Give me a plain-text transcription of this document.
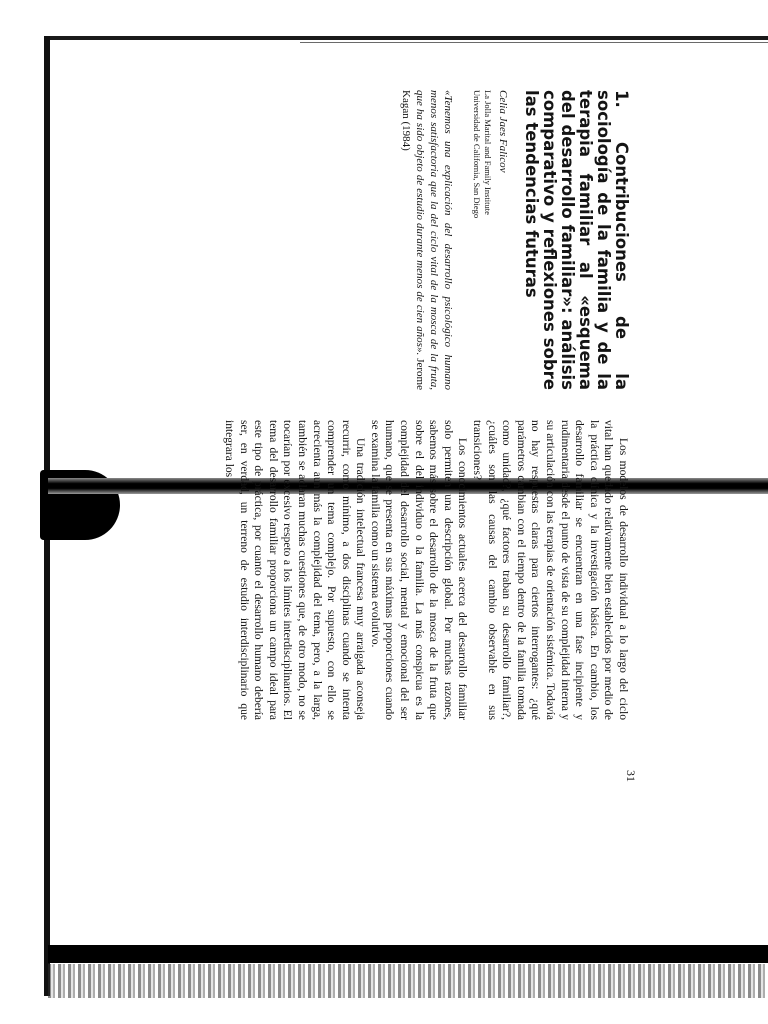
1. Contribuciones de la sociología de la familia y de la terapia familiar al «esquema del desarrollo familiar»: análisis comparativo y reflexiones sobre las tendencias futuras

Celia Jaes Falicov

La Jolla Marital and Family Institute

Universidad de California, San Diego

«Tenemos una explicación del desarrollo psicológico humano menos satisfactoria que la del ciclo vital de la mosca de la fruta, que ha sido objeto de estudio durante menos de cien años». Jerome Kagan (1984)

Los modelos de desarrollo individual a lo largo del ciclo vital han quedado relativamente bien establecidos por medio de la práctica clínica y la investigación básica. En cambio, los desarrollo familiar se encuentran en una fase incipiente y rudimentaria desde el punto de vista de su complejidad interna y su articulación con las terapias de orientación sistémica. Todavía no hay respuestas claras para ciertos interrogantes: ¿qué parámetros cambian con el tiempo dentro de la familia tomada como unidad?, ¿qué factores traban su desarrollo familiar?, ¿cuáles son las causas del cambio observable en sus transiciones?

Los conocimientos actuales acerca del desarrollo familiar solo permiten una descripción global. Por muchas razones, sabemos más sobre el desarrollo de la mosca de la fruta que sobre el del individuo o la familia. La más conspicua es la complejidad del desarrollo social, mental y emocional del ser humano, que se presenta en sus máximas proporciones cuando se examina la familia como un sistema evolutivo.

Una tradición intelectual francesa muy arraigada aconseja recurrir, como mínimo, a dos disciplinas cuando se intenta comprender un tema complejo. Por supuesto, con ello se acrecienta aun más la complejidad del tema, pero, a la larga, también se aclaran muchas cuestiones que, de otro modo, no se tocarían por excesivo respeto a los límites interdisciplinarios. El tema del desarrollo familiar proporciona un campo ideal para este tipo de práctica, por cuanto el desarrollo humano debería ser, en verdad, un terreno de estudio interdisciplinario que integrara los

31
